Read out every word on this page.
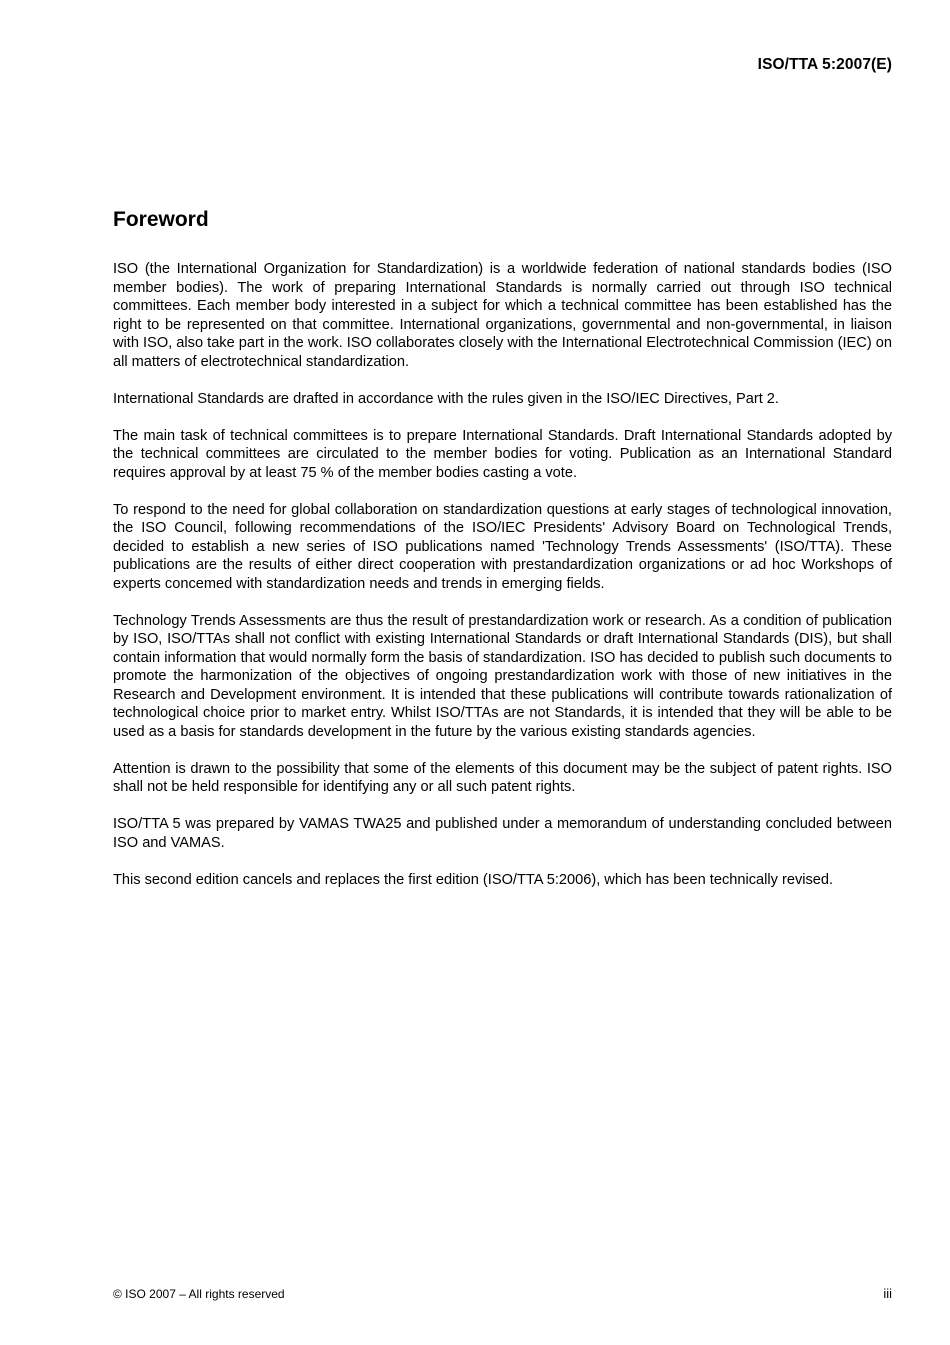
ISO/TTA 5:2007(E)
Foreword

ISO (the International Organization for Standardization) is a worldwide federation of national standards bodies (ISO member bodies). The work of preparing International Standards is normally carried out through ISO technical committees. Each member body interested in a subject for which a technical committee has been established has the right to be represented on that committee. International organizations, governmental and non-governmental, in liaison with ISO, also take part in the work. ISO collaborates closely with the International Electrotechnical Commission (IEC) on all matters of electrotechnical standardization.

International Standards are drafted in accordance with the rules given in the ISO/IEC Directives, Part 2.

The main task of technical committees is to prepare International Standards. Draft International Standards adopted by the technical committees are circulated to the member bodies for voting. Publication as an International Standard requires approval by at least 75 % of the member bodies casting a vote.

To respond to the need for global collaboration on standardization questions at early stages of technological innovation, the ISO Council, following recommendations of the ISO/IEC Presidents' Advisory Board on Technological Trends, decided to establish a new series of ISO publications named 'Technology Trends Assessments' (ISO/TTA). These publications are the results of either direct cooperation with prestandardization organizations or ad hoc Workshops of experts concemed with standardization needs and trends in emerging fields.

Technology Trends Assessments are thus the result of prestandardization work or research. As a condition of publication by ISO, ISO/TTAs shall not conflict with existing International Standards or draft International Standards (DIS), but shall contain information that would normally form the basis of standardization. ISO has decided to publish such documents to promote the harmonization of the objectives of ongoing prestandardization work with those of new initiatives in the Research and Development environment. It is intended that these publications will contribute towards rationalization of technological choice prior to market entry. Whilst ISO/TTAs are not Standards, it is intended that they will be able to be used as a basis for standards development in the future by the various existing standards agencies.

Attention is drawn to the possibility that some of the elements of this document may be the subject of patent rights. ISO shall not be held responsible for identifying any or all such patent rights.

ISO/TTA 5 was prepared by VAMAS TWA25 and published under a memorandum of understanding concluded between ISO and VAMAS.

This second edition cancels and replaces the first edition (ISO/TTA 5:2006), which has been technically revised.

© ISO 2007 – All rights reserved	iii
